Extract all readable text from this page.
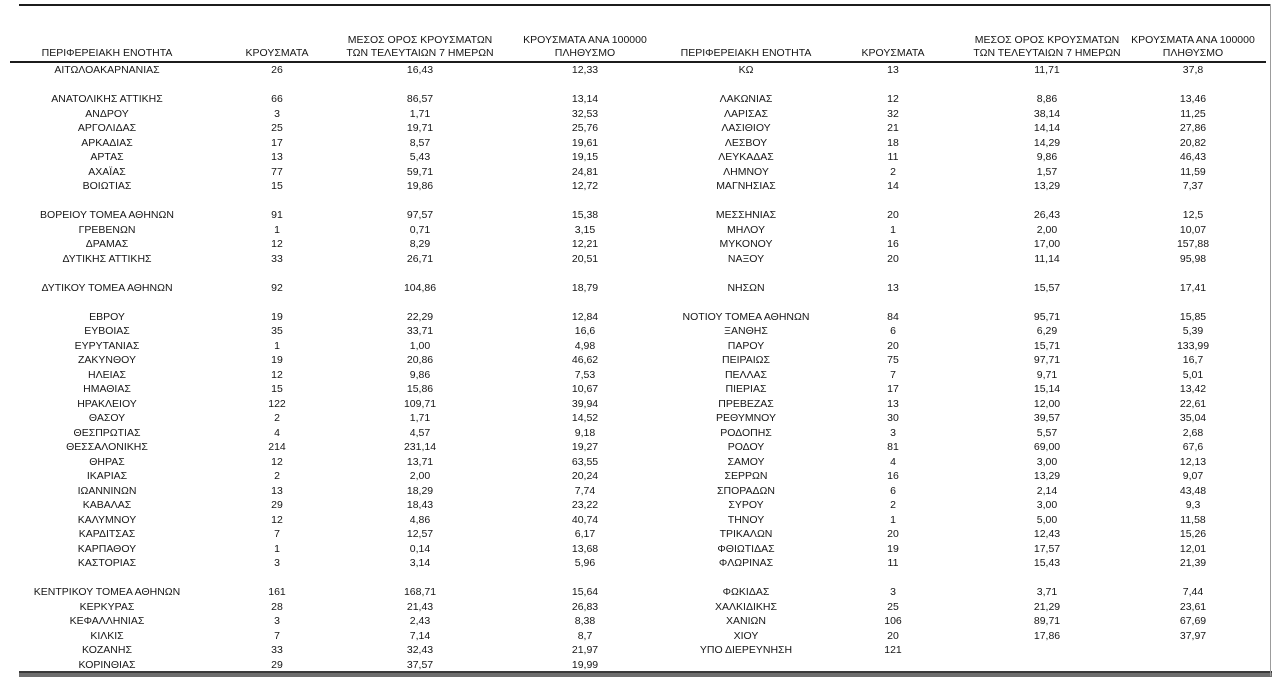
ΠΕΡΙΦΕΡΕΙΑΚΗ ΕΝΟΤΗΤΑ	ΚΡΟΥΣΜΑΤΑ	ΜΕΣΟΣ ΟΡΟΣ ΚΡΟΥΣΜΑΤΩΝ
ΤΩΝ ΤΕΛΕΥΤΑΙΩΝ 7 ΗΜΕΡΩΝ	ΚΡΟΥΣΜΑΤΑ ΑΝΑ 100000
ΠΛΗΘΥΣΜΟ	ΠΕΡΙΦΕΡΕΙΑΚΗ ΕΝΟΤΗΤΑ	ΚΡΟΥΣΜΑΤΑ	ΜΕΣΟΣ ΟΡΟΣ ΚΡΟΥΣΜΑΤΩΝ
ΤΩΝ ΤΕΛΕΥΤΑΙΩΝ 7 ΗΜΕΡΩΝ	ΚΡΟΥΣΜΑΤΑ ΑΝΑ 100000
ΠΛΗΘΥΣΜΟ

ΑΙΤΩΛΟΑΚΑΡΝΑΝΙΑΣ	26	16,43	12,33	ΚΩ	13	11,71	37,8

ΑΝΑΤΟΛΙΚΗΣ ΑΤΤΙΚΗΣ	66	86,57	13,14	ΛΑΚΩΝΙΑΣ	12	8,86	13,46

ΑΝΔΡΟΥ	3	1,71	32,53	ΛΑΡΙΣΑΣ	32	38,14	11,25

ΑΡΓΟΛΙΔΑΣ	25	19,71	25,76	ΛΑΣΙΘΙΟΥ	21	14,14	27,86

ΑΡΚΑΔΙΑΣ	17	8,57	19,61	ΛΕΣΒΟΥ	18	14,29	20,82

ΑΡΤΑΣ	13	5,43	19,15	ΛΕΥΚΑΔΑΣ	11	9,86	46,43

ΑΧΑΪΑΣ	77	59,71	24,81	ΛΗΜΝΟΥ	2	1,57	11,59

ΒΟΙΩΤΙΑΣ	15	19,86	12,72	ΜΑΓΝΗΣΙΑΣ	14	13,29	7,37

ΒΟΡΕΙΟΥ ΤΟΜΕΑ ΑΘΗΝΩΝ	91	97,57	15,38	ΜΕΣΣΗΝΙΑΣ	20	26,43	12,5

ΓΡΕΒΕΝΩΝ	1	0,71	3,15	ΜΗΛΟΥ	1	2,00	10,07

ΔΡΑΜΑΣ	12	8,29	12,21	ΜΥΚΟΝΟΥ	16	17,00	157,88

ΔΥΤΙΚΗΣ ΑΤΤΙΚΗΣ	33	26,71	20,51	ΝΑΞΟΥ	20	11,14	95,98

ΔΥΤΙΚΟΥ ΤΟΜΕΑ ΑΘΗΝΩΝ	92	104,86	18,79	ΝΗΣΩΝ	13	15,57	17,41

ΕΒΡΟΥ	19	22,29	12,84	ΝΟΤΙΟΥ ΤΟΜΕΑ ΑΘΗΝΩΝ	84	95,71	15,85

ΕΥΒΟΙΑΣ	35	33,71	16,6	ΞΑΝΘΗΣ	6	6,29	5,39

ΕΥΡΥΤΑΝΙΑΣ	1	1,00	4,98	ΠΑΡΟΥ	20	15,71	133,99

ΖΑΚΥΝΘΟΥ	19	20,86	46,62	ΠΕΙΡΑΙΩΣ	75	97,71	16,7

ΗΛΕΙΑΣ	12	9,86	7,53	ΠΕΛΛΑΣ	7	9,71	5,01

ΗΜΑΘΙΑΣ	15	15,86	10,67	ΠΙΕΡΙΑΣ	17	15,14	13,42

ΗΡΑΚΛΕΙΟΥ	122	109,71	39,94	ΠΡΕΒΕΖΑΣ	13	12,00	22,61

ΘΑΣΟΥ	2	1,71	14,52	ΡΕΘΥΜΝΟΥ	30	39,57	35,04

ΘΕΣΠΡΩΤΙΑΣ	4	4,57	9,18	ΡΟΔΟΠΗΣ	3	5,57	2,68

ΘΕΣΣΑΛΟΝΙΚΗΣ	214	231,14	19,27	ΡΟΔΟΥ	81	69,00	67,6

ΘΗΡΑΣ	12	13,71	63,55	ΣΑΜΟΥ	4	3,00	12,13

ΙΚΑΡΙΑΣ	2	2,00	20,24	ΣΕΡΡΩΝ	16	13,29	9,07

ΙΩΑΝΝΙΝΩΝ	13	18,29	7,74	ΣΠΟΡΑΔΩΝ	6	2,14	43,48

ΚΑΒΑΛΑΣ	29	18,43	23,22	ΣΥΡΟΥ	2	3,00	9,3

ΚΑΛΥΜΝΟΥ	12	4,86	40,74	ΤΗΝΟΥ	1	5,00	11,58

ΚΑΡΔΙΤΣΑΣ	7	12,57	6,17	ΤΡΙΚΑΛΩΝ	20	12,43	15,26

ΚΑΡΠΑΘΟΥ	1	0,14	13,68	ΦΘΙΩΤΙΔΑΣ	19	17,57	12,01

ΚΑΣΤΟΡΙΑΣ	3	3,14	5,96	ΦΛΩΡΙΝΑΣ	11	15,43	21,39

ΚΕΝΤΡΙΚΟΥ ΤΟΜΕΑ ΑΘΗΝΩΝ	161	168,71	15,64	ΦΩΚΙΔΑΣ	3	3,71	7,44

ΚΕΡΚΥΡΑΣ	28	21,43	26,83	ΧΑΛΚΙΔΙΚΗΣ	25	21,29	23,61

ΚΕΦΑΛΛΗΝΙΑΣ	3	2,43	8,38	ΧΑΝΙΩΝ	106	89,71	67,69

ΚΙΛΚΙΣ	7	7,14	8,7	ΧΙΟΥ	20	17,86	37,97

ΚΟΖΑΝΗΣ	33	32,43	21,97	ΥΠΟ ΔΙΕΡΕΥΝΗΣΗ	121		

ΚΟΡΙΝΘΙΑΣ	29	37,57	19,99				
